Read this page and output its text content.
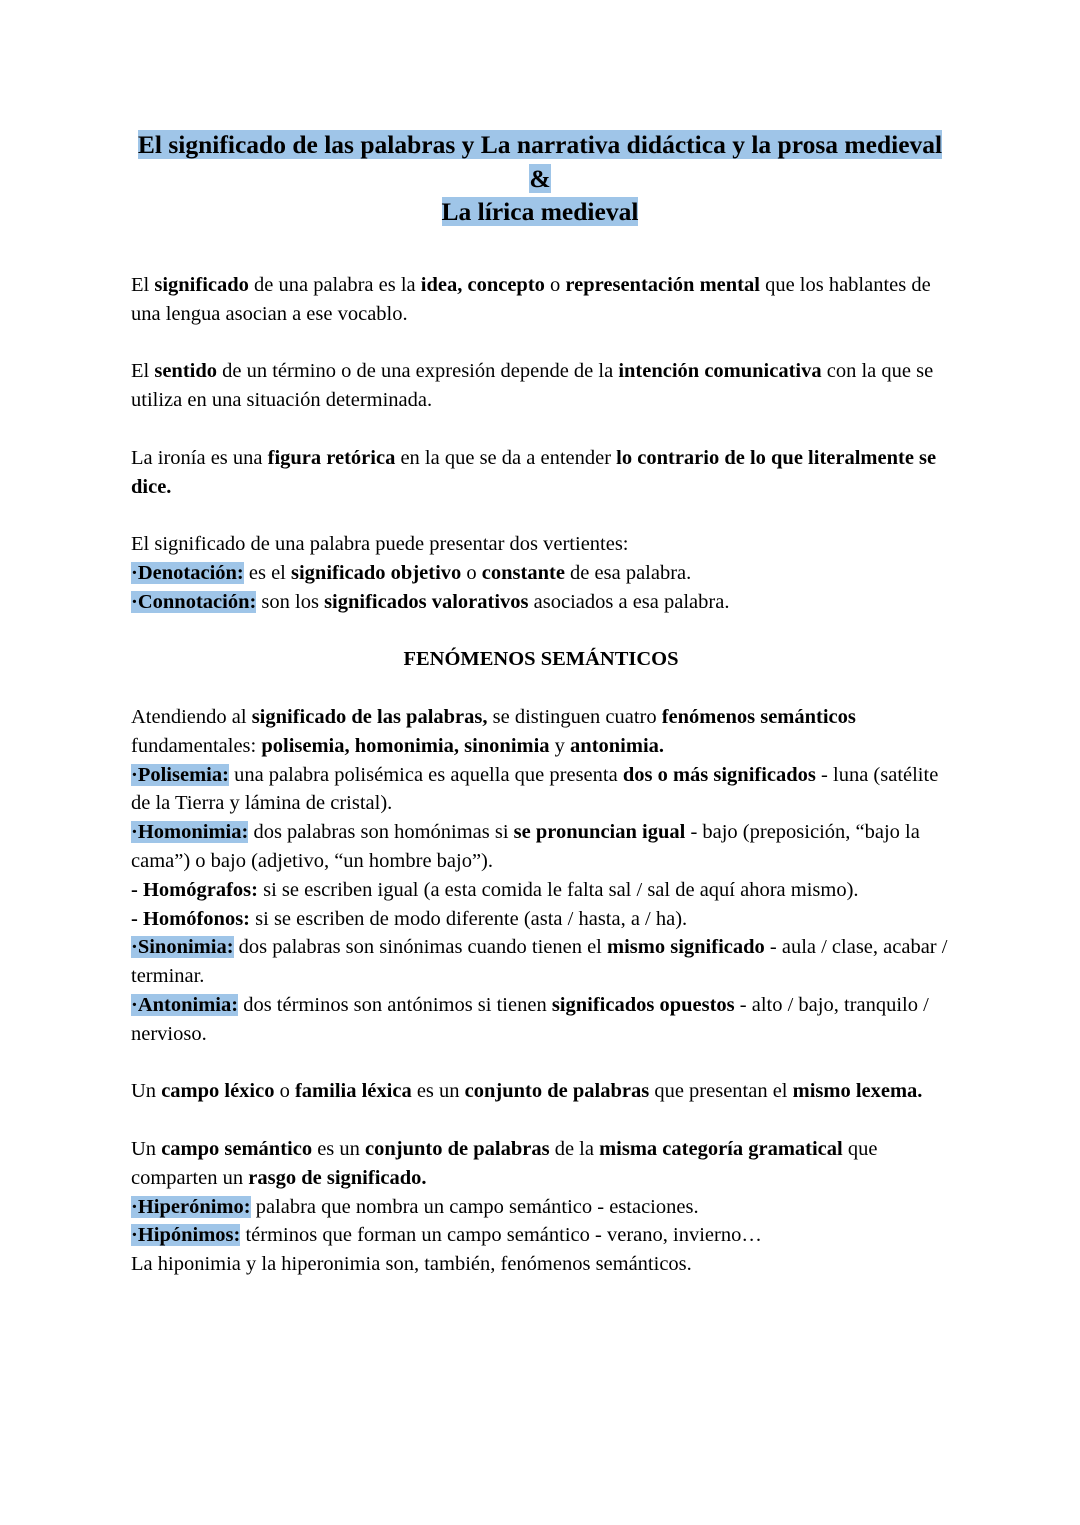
El significado de las palabras y La narrativa didáctica y la prosa medieval
&
La lírica medieval

El significado de una palabra es la idea, concepto o representación mental que los hablantes de una lengua asocian a ese vocablo.

El sentido de un término o de una expresión depende de la intención comunicativa con la que se utiliza en una situación determinada.

La ironía es una figura retórica en la que se da a entender lo contrario de lo que literalmente se dice.

El significado de una palabra puede presentar dos vertientes:

·Denotación: es el significado objetivo o constante de esa palabra.

·Connotación: son los significados valorativos asociados a esa palabra.

FENÓMENOS SEMÁNTICOS

Atendiendo al significado de las palabras, se distinguen cuatro fenómenos semánticos fundamentales: polisemia, homonimia, sinonimia y antonimia.

·Polisemia: una palabra polisémica es aquella que presenta dos o más significados - luna (satélite de la Tierra y lámina de cristal).

·Homonimia: dos palabras son homónimas si se pronuncian igual - bajo (preposición, “bajo la cama”) o bajo (adjetivo, “un hombre bajo”).

- Homógrafos: si se escriben igual (a esta comida le falta sal / sal de aquí ahora mismo).

- Homófonos: si se escriben de modo diferente (asta / hasta, a / ha).

·Sinonimia: dos palabras son sinónimas cuando tienen el mismo significado - aula / clase, acabar / terminar.

·Antonimia: dos términos son antónimos si tienen significados opuestos - alto / bajo, tranquilo / nervioso.

Un campo léxico o familia léxica es un conjunto de palabras que presentan el mismo lexema.

Un campo semántico es un conjunto de palabras de la misma categoría gramatical que comparten un rasgo de significado.

·Hiperónimo: palabra que nombra un campo semántico - estaciones.

·Hipónimos: términos que forman un campo semántico - verano, invierno…

La hiponimia y la hiperonimia son, también, fenómenos semánticos.
